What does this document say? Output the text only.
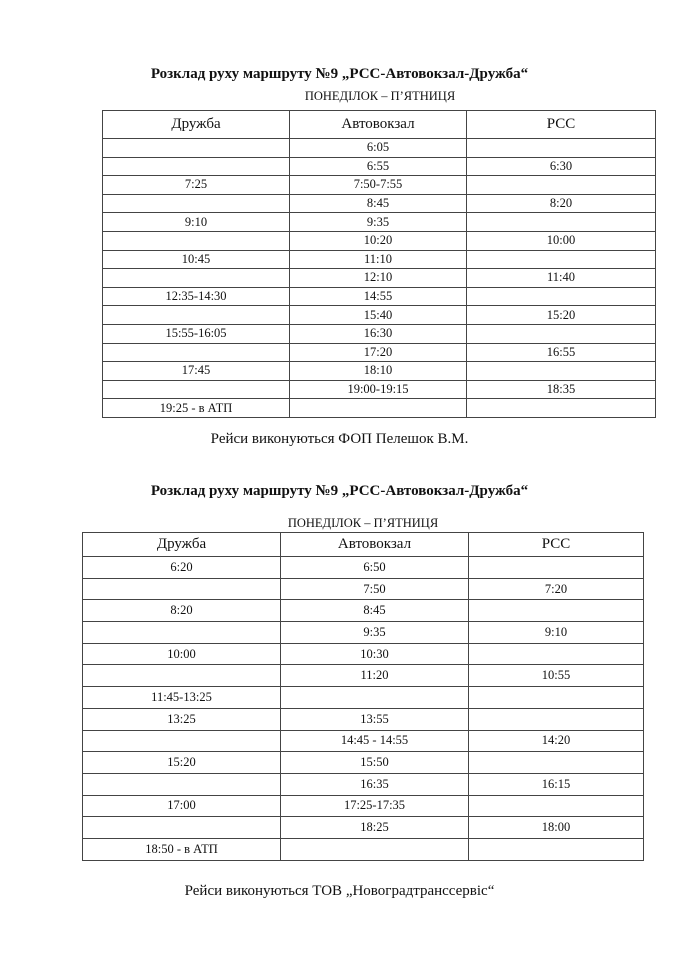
Розклад руху маршруту №9 „РСС-Автовокзал-Дружба“
ПОНЕДІЛОК – П’ЯТНИЦЯ
Дружба	Автовокзал	РСС
	6:05	
	6:55	6:30
7:25	7:50-7:55	
	8:45	8:20
9:10	9:35	
	10:20	10:00
10:45	11:10	
	12:10	11:40
12:35-14:30	14:55	
	15:40	15:20
15:55-16:05	16:30	
	17:20	16:55
17:45	18:10	
	19:00-19:15	18:35
19:25 - в АТП		
Рейси виконуються ФОП Пелешок В.М.
Розклад руху маршруту №9 „РСС-Автовокзал-Дружба“
ПОНЕДІЛОК – П’ЯТНИЦЯ
Дружба	Автовокзал	РСС
6:20	6:50	
	7:50	7:20
8:20	8:45	
	9:35	9:10
10:00	10:30	
	11:20	10:55
11:45-13:25		
13:25	13:55	
	14:45 - 14:55	14:20
15:20	15:50	
	16:35	16:15
17:00	17:25-17:35	
	18:25	18:00
18:50 - в АТП		
Рейси виконуються ТОВ „Новоградтранссервіс“
